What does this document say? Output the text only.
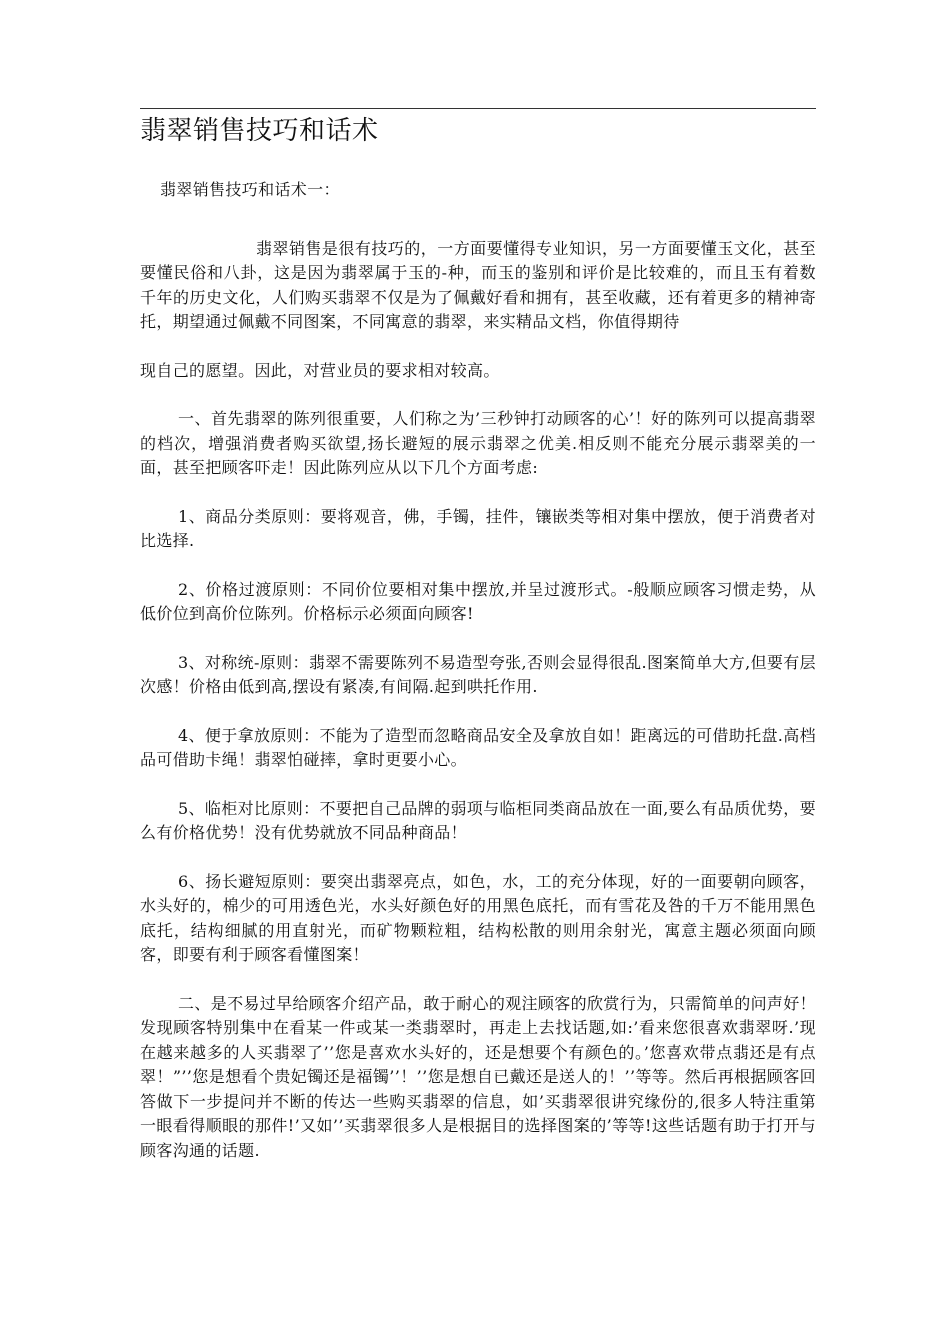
翡翠销售技巧和话术

翡翠销售技巧和话术一：

翡翠销售是很有技巧的，一方面要懂得专业知识，另一方面要懂玉文化，甚至要懂民俗和八卦，这是因为翡翠属于玉的-种，而玉的鉴别和评价是比较难的，而且玉有着数千年的历史文化，人们购买翡翠不仅是为了佩戴好看和拥有，甚至收藏，还有着更多的精神寄托，期望通过佩戴不同图案，不同寓意的翡翠，来实精品文档，你值得期待

现自己的愿望。因此，对营业员的要求相对较高。

一、首先翡翠的陈列很重要，人们称之为’三秒钟打动顾客的心’！好的陈列可以提高翡翠的档次，增强消费者购买欲望,扬长避短的展示翡翠之优美.相反则不能充分展示翡翠美的一面，甚至把顾客吓走！因此陈列应从以下几个方面考虑:

1、商品分类原则：要将观音，佛，手镯，挂件，镶嵌类等相对集中摆放，便于消费者对比选择.

2、价格过渡原则：不同价位要相对集中摆放,并呈过渡形式。-般顺应顾客习惯走势，从低价位到高价位陈列。价格标示必须面向顾客!

3、对称统-原则：翡翠不需要陈列不易造型夸张,否则会显得很乱.图案简单大方,但要有层次感！价格由低到高,摆设有紧凑,有间隔.起到哄托作用.

4、便于拿放原则：不能为了造型而忽略商品安全及拿放自如！距离远的可借助托盘.高档品可借助卡绳！翡翠怕碰摔，拿时更要小心。

5、临柜对比原则：不要把自己品牌的弱项与临柜同类商品放在一面,要么有品质优势，要么有价格优势！没有优势就放不同品种商品！

6、扬长避短原则：要突出翡翠亮点，如色，水，工的充分体现，好的一面要朝向顾客，水头好的，棉少的可用透色光，水头好颜色好的用黑色底托，而有雪花及咎的千万不能用黑色底托，结构细腻的用直射光，而矿物颗粒粗，结构松散的则用余射光，寓意主题必须面向顾客，即要有利于顾客看懂图案！

二、是不易过早给顾客介绍产品，敢于耐心的观注顾客的欣赏行为，只需简单的问声好！发现顾客特别集中在看某一件或某一类翡翠时，再走上去找话题,如:’看来您很喜欢翡翠呀.’现在越来越多的人买翡翠了’’您是喜欢水头好的，还是想要个有颜色的。’您喜欢带点翡还是有点翠！”’’您是想看个贵妃镯还是福镯’’！’’您是想自已戴还是送人的！’’等等。然后再根据顾客回答做下一步提问并不断的传达一些购买翡翠的信息，如’买翡翠很讲究缘份的,很多人特注重第一眼看得顺眼的那件!’又如’’买翡翠很多人是根据目的选择图案的’等等!这些话题有助于打开与顾客沟通的话题.
